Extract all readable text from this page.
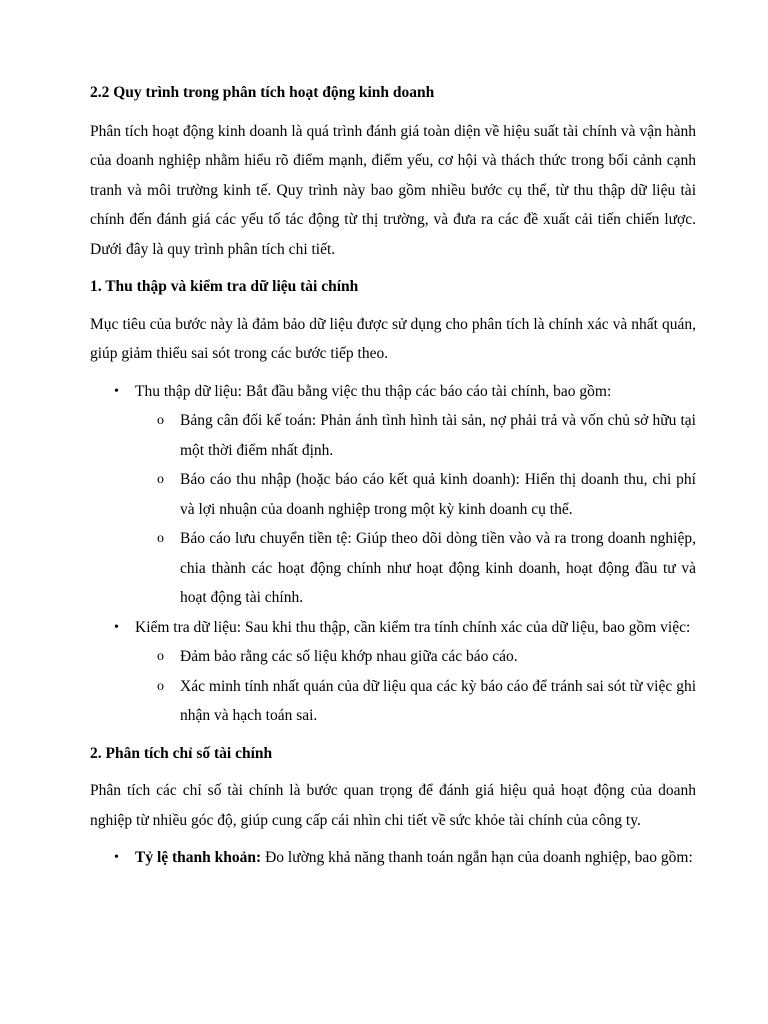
2.2 Quy trình trong phân tích hoạt động kinh doanh

Phân tích hoạt động kinh doanh là quá trình đánh giá toàn diện về hiệu suất tài chính và vận hành của doanh nghiệp nhằm hiểu rõ điểm mạnh, điểm yếu, cơ hội và thách thức trong bối cảnh cạnh tranh và môi trường kinh tế. Quy trình này bao gồm nhiều bước cụ thể, từ thu thập dữ liệu tài chính đến đánh giá các yếu tố tác động từ thị trường, và đưa ra các đề xuất cải tiến chiến lược. Dưới đây là quy trình phân tích chi tiết.

1. Thu thập và kiểm tra dữ liệu tài chính

Mục tiêu của bước này là đảm bảo dữ liệu được sử dụng cho phân tích là chính xác và nhất quán, giúp giảm thiểu sai sót trong các bước tiếp theo.

•	Thu thập dữ liệu: Bắt đầu bằng việc thu thập các báo cáo tài chính, bao gồm:
o Bảng cân đối kế toán: Phản ánh tình hình tài sản, nợ phải trả và vốn chủ sở hữu tại một thời điểm nhất định.
o Báo cáo thu nhập (hoặc báo cáo kết quả kinh doanh): Hiển thị doanh thu, chi phí và lợi nhuận của doanh nghiệp trong một kỳ kinh doanh cụ thể.
o Báo cáo lưu chuyển tiền tệ: Giúp theo dõi dòng tiền vào và ra trong doanh nghiệp, chia thành các hoạt động chính như hoạt động kinh doanh, hoạt động đầu tư và hoạt động tài chính.
•	Kiểm tra dữ liệu: Sau khi thu thập, cần kiểm tra tính chính xác của dữ liệu, bao gồm việc:
o Đảm bảo rằng các số liệu khớp nhau giữa các báo cáo.
o Xác minh tính nhất quán của dữ liệu qua các kỳ báo cáo để tránh sai sót từ việc ghi nhận và hạch toán sai.

2. Phân tích chỉ số tài chính

Phân tích các chỉ số tài chính là bước quan trọng để đánh giá hiệu quả hoạt động của doanh nghiệp từ nhiều góc độ, giúp cung cấp cái nhìn chi tiết về sức khỏe tài chính của công ty.

•	Tỷ lệ thanh khoản: Đo lường khả năng thanh toán ngắn hạn của doanh nghiệp, bao gồm:
